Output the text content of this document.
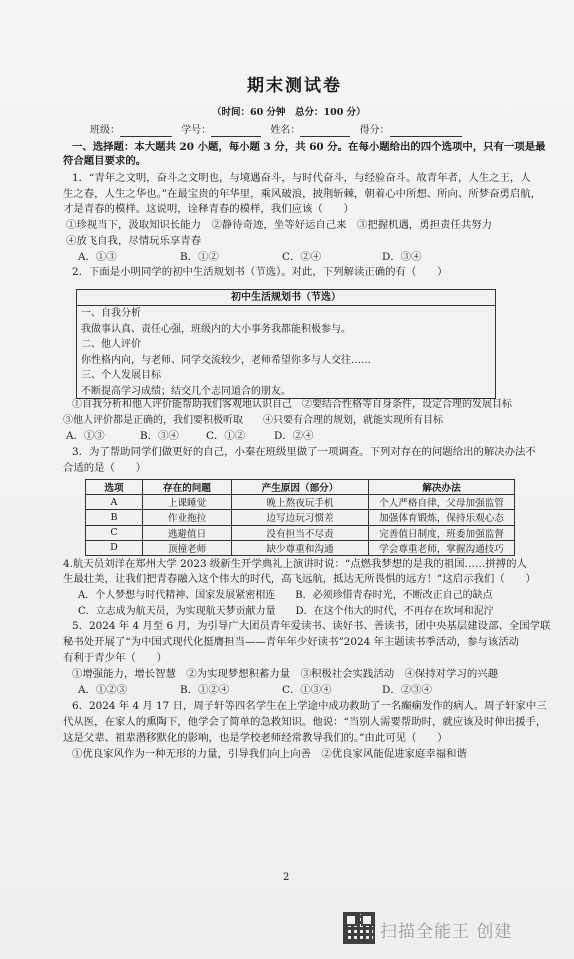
期末测试卷
（时间：60 分钟　总分：100 分）
班级：	学号：	姓名：	得分：
一、选择题：本大题共 20 小题，每小题 3 分，共 60 分。在每小题给出的四个选项中，只有一项是最
符合题目要求的。
1．“青年之文明，奋斗之文明也，与境遇奋斗，与时代奋斗，与经验奋斗。故青年者，人生之王，人
生之春，人生之华也。”在最宝贵的年华里，乘风破浪，披荆斩棘，朝着心中所想、所向、所梦奋勇启航，
才是青春的模样。这说明，诠释青春的模样，我们应该（　　）
①珍视当下，汲取知识长能力　②静待奇迹，坐等好运自己来　③把握机遇，勇担责任共努力
④放飞自我，尽情玩乐享青春
A．①③	B．①②	C．②④	D．③④
2．下面是小明同学的初中生活规划书（节选）。对此，下列解读正确的有（　　）
初中生活规划书（节选）
一、自我分析
我做事认真、责任心强，班级内的大小事务我都能积极参与。
二、他人评价
你性格内向，与老师、同学交流较少，老师希望你多与人交往……
三、个人发展目标
不断提高学习成绩；结交几个志同道合的朋友。
①自我分析和他人评价能帮助我们客观地认识自己　②要结合性格等自身条件，设定合理的发展目标
③他人评价都是正确的，我们要积极听取　　④只要有合理的规划，就能实现所有目标
A．①③	B．③④	C．①②	D．②④
3．为了帮助同学们做更好的自己，小秦在班级里做了一项调查。下列对存在的问题给出的解决办法不
合适的是（　　）
选项	存在的问题	产生原因（部分）	解决办法
A	上课睡觉	晚上熬夜玩手机	个人严格自律，父母加强监管
B	作业拖拉	边写边玩习惯差	加强体育锻炼，保持乐观心态
C	逃避值日	没有担当不尽责	完善值日制度，班委加强监督
D	顶撞老师	缺少尊重和沟通	学会尊重老师，掌握沟通技巧
4.航天员刘洋在郑州大学 2023 级新生开学典礼上演讲时说：“点燃我梦想的是我的祖国……拼搏的人
生最壮美，让我们把青春融入这个伟大的时代，高飞远航，抵达无所畏惧的远方！”这启示我们（　　）
A．个人梦想与时代精神、国家发展紧密相连　　B．必须珍惜青春时光，不断改正自己的缺点
C．立志成为航天员，为实现航天梦贡献力量　　D．在这个伟大的时代，不再存在坎坷和泥泞
5．2024 年 4 月至 6 月，为引导广大团员青年爱读书、读好书、善读书，团中央基层建设部、全国学联
秘书处开展了“为中国式现代化挺膺担当——青年年少好读书”2024 年主题读书季活动，参与该活动
有利于青少年（　　）
①增强能力，增长智慧　②为实现梦想积蓄力量　③积极社会实践活动　④保持对学习的兴趣
A．①②③	B．①②④	C．①③④	D．②③④
6．2024 年 4 月 17 日，周子轩等四名学生在上学途中成功救助了一名癫痫发作的病人。周子轩家中三
代从医，在家人的熏陶下，他学会了简单的急救知识。他说：“当别人需要帮助时，就应该及时伸出援手，
这是父辈、祖辈潜移默化的影响，也是学校老师经常教导我们的。”由此可见（　　）
①优良家风作为一种无形的力量，引导我们向上向善　②优良家风能促进家庭幸福和谐
2
扫描全能王 创建
